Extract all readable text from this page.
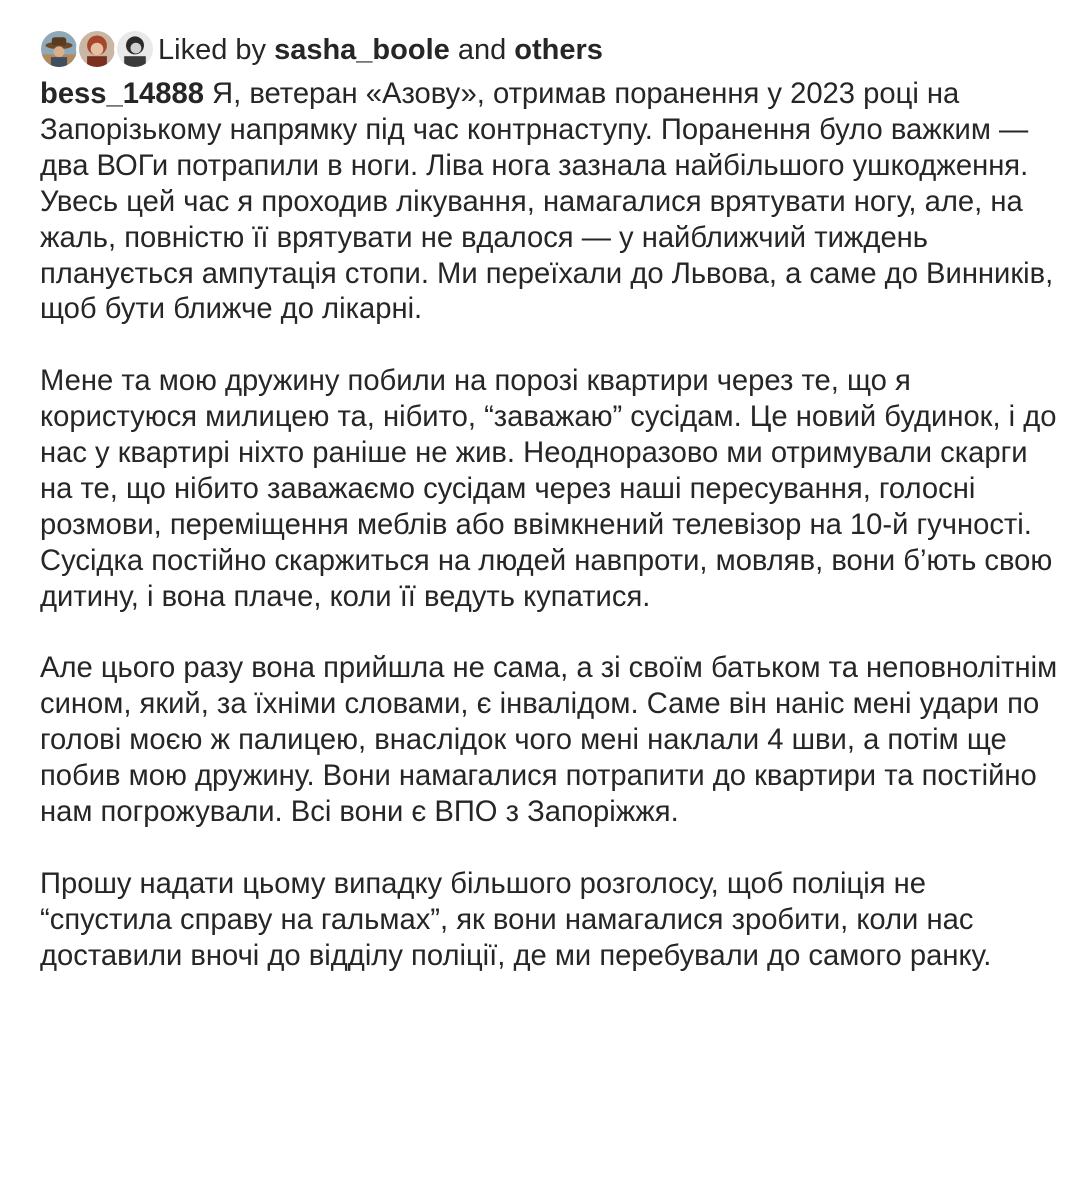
Liked by sasha_boole and others

bess_14888 Я, ветеран «Азову», отримав поранення у 2023 році на Запорізькому напрямку під час контрнаступу. Поранення було важким — два ВОГи потрапили в ноги. Ліва нога зазнала найбільшого ушкодження. Увесь цей час я проходив лікування, намагалися врятувати ногу, але, на жаль, повністю її врятувати не вдалося — у найближчий тиждень планується ампутація стопи. Ми переїхали до Львова, а саме до Винників, щоб бути ближче до лікарні.

Мене та мою дружину побили на порозі квартири через те, що я користуюся милицею та, нібито, “заважаю” сусідам. Це новий будинок, і до нас у квартирі ніхто раніше не жив. Неодноразово ми отримували скарги на те, що нібито заважаємо сусідам через наші пересування, голосні розмови, переміщення меблів або ввімкнений телевізор на 10-й гучності. Сусідка постійно скаржиться на людей навпроти, мовляв, вони б’ють свою дитину, і вона плаче, коли її ведуть купатися.

Але цього разу вона прийшла не сама, а зі своїм батьком та неповнолітнім сином, який, за їхніми словами, є інвалідом. Саме він наніс мені удари по голові моєю ж палицею, внаслідок чого мені наклали 4 шви, а потім ще побив мою дружину. Вони намагалися потрапити до квартири та постійно нам погрожували. Всі вони є ВПО з Запоріжжя.

Прошу надати цьому випадку більшого розголосу, щоб поліція не “спустила справу на гальмах”, як вони намагалися зробити, коли нас доставили вночі до відділу поліції, де ми перебували до самого ранку.
